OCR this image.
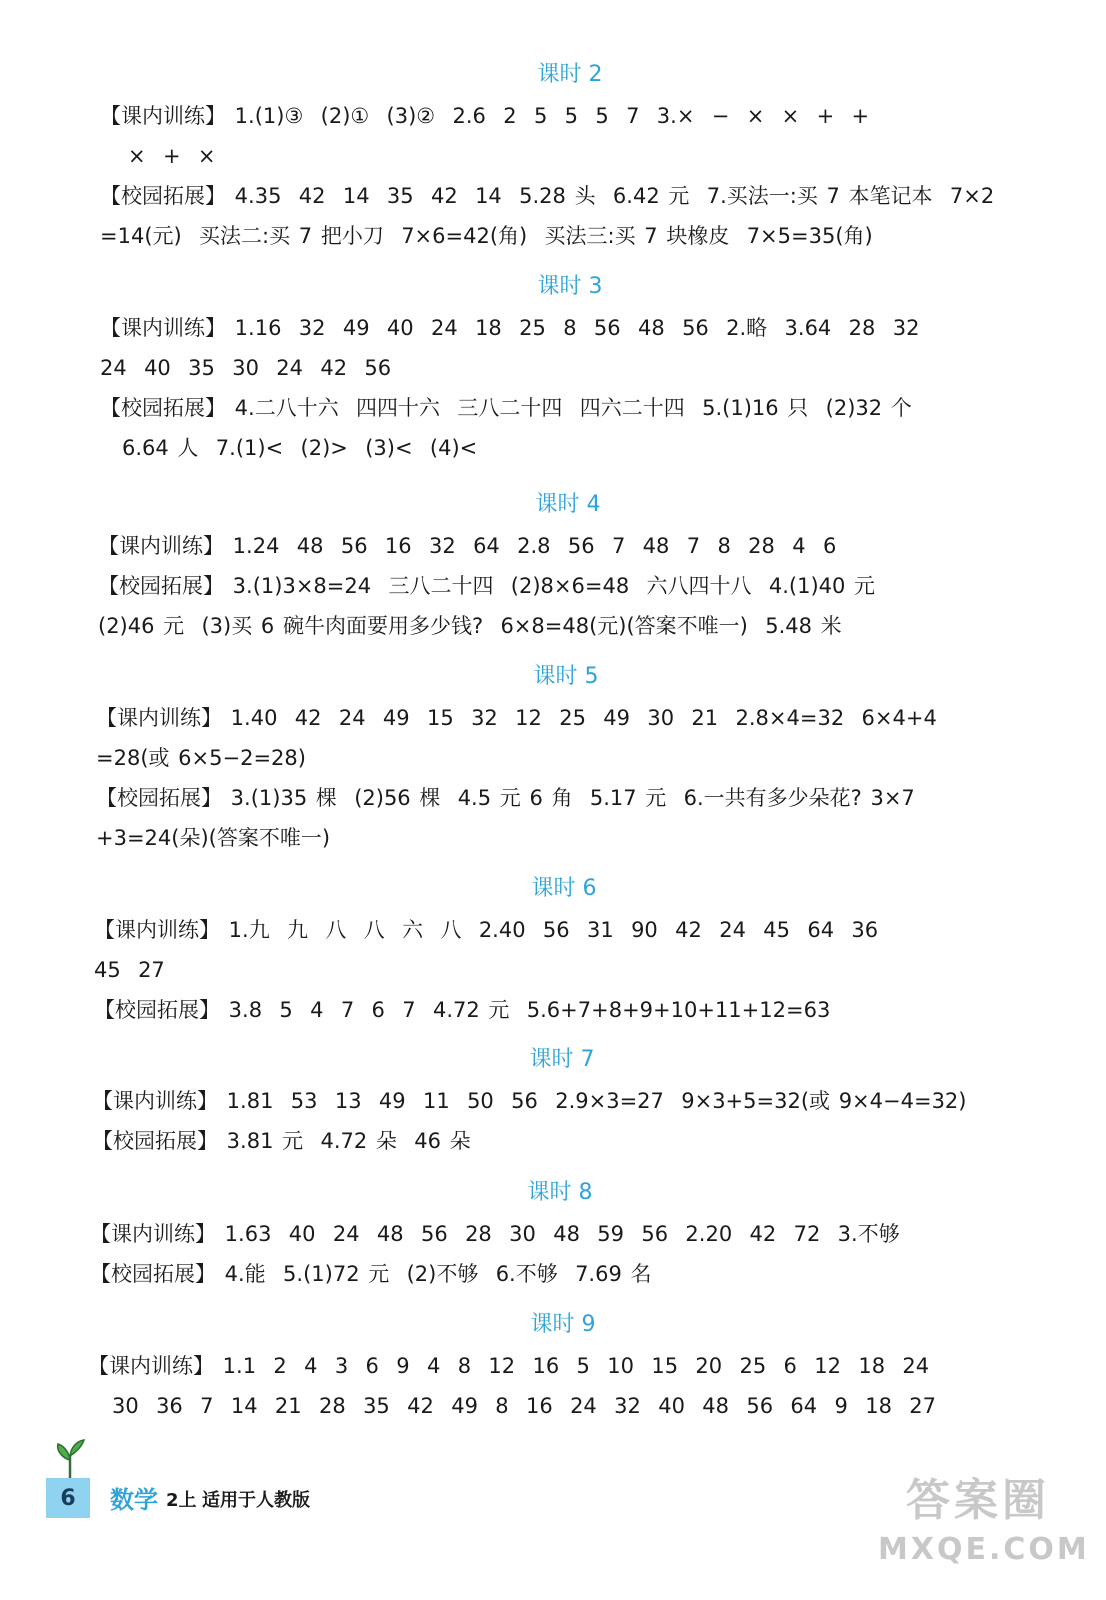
课时 2
【课内训练】 1.(1)③  (2)①  (3)②  2.6  2  5  5  5  7  3.×  −  ×  ×  +  +
×  +  ×
【校园拓展】 4.35  42  14  35  42  14  5.28 头  6.42 元  7.买法一:买 7 本笔记本  7×2
=14(元)  买法二:买 7 把小刀  7×6=42(角)  买法三:买 7 块橡皮  7×5=35(角)
课时 3
【课内训练】 1.16  32  49  40  24  18  25  8  56  48  56  2.略  3.64  28  32
24  40  35  30  24  42  56
【校园拓展】 4.二八十六  四四十六  三八二十四  四六二十四  5.(1)16 只  (2)32 个
6.64 人  7.(1)<  (2)>  (3)<  (4)<
课时 4
【课内训练】 1.24  48  56  16  32  64  2.8  56  7  48  7  8  28  4  6
【校园拓展】 3.(1)3×8=24  三八二十四  (2)8×6=48  六八四十八  4.(1)40 元
(2)46 元  (3)买 6 碗牛肉面要用多少钱?  6×8=48(元)(答案不唯一)  5.48 米
课时 5
【课内训练】 1.40  42  24  49  15  32  12  25  49  30  21  2.8×4=32  6×4+4
=28(或 6×5−2=28)
【校园拓展】 3.(1)35 棵  (2)56 棵  4.5 元 6 角  5.17 元  6.一共有多少朵花? 3×7
+3=24(朵)(答案不唯一)
课时 6
【课内训练】 1.九  九  八  八  六  八  2.40  56  31  90  42  24  45  64  36
45  27
【校园拓展】 3.8  5  4  7  6  7  4.72 元  5.6+7+8+9+10+11+12=63
课时 7
【课内训练】 1.81  53  13  49  11  50  56  2.9×3=27  9×3+5=32(或 9×4−4=32)
【校园拓展】 3.81 元  4.72 朵  46 朵
课时 8
【课内训练】 1.63  40  24  48  56  28  30  48  59  56  2.20  42  72  3.不够
【校园拓展】 4.能  5.(1)72 元  (2)不够  6.不够  7.69 名
课时 9
【课内训练】 1.1  2  4  3  6  9  4  8  12  16  5  10  15  20  25  6  12  18  24
30  36  7  14  21  28  35  42  49  8  16  24  32  40  48  56  64  9  18  27
6	数学 2上 适用于人教版	答案圈
MXQE.COM
